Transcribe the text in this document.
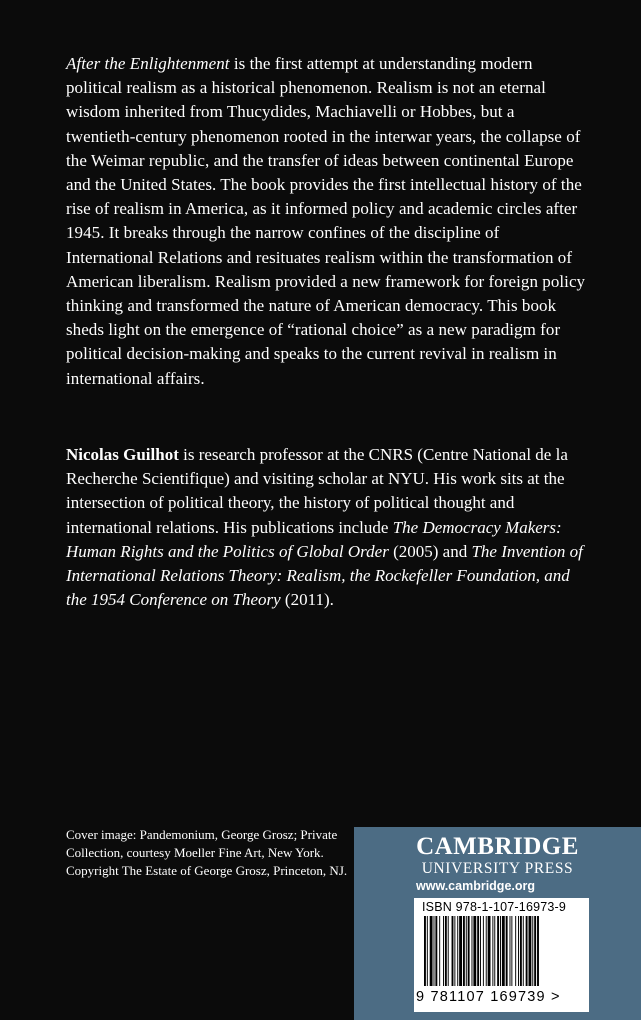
After the Enlightenment is the first attempt at understanding modern political realism as a historical phenomenon. Realism is not an eternal wisdom inherited from Thucydides, Machiavelli or Hobbes, but a twentieth-century phenomenon rooted in the interwar years, the collapse of the Weimar republic, and the transfer of ideas between continental Europe and the United States. The book provides the first intellectual history of the rise of realism in America, as it informed policy and academic circles after 1945. It breaks through the narrow confines of the discipline of International Relations and resituates realism within the transformation of American liberalism. Realism provided a new framework for foreign policy thinking and transformed the nature of American democracy. This book sheds light on the emergence of “rational choice” as a new paradigm for political decision-making and speaks to the current revival in realism in international affairs.

Nicolas Guilhot is research professor at the CNRS (Centre National de la Recherche Scientifique) and visiting scholar at NYU. His work sits at the intersection of political theory, the history of political thought and international relations. His publications include The Democracy Makers: Human Rights and the Politics of Global Order (2005) and The Invention of International Relations Theory: Realism, the Rockefeller Foundation, and the 1954 Conference on Theory (2011).

Cover image: Pandemonium, George Grosz; Private Collection, courtesy Moeller Fine Art, New York. Copyright The Estate of George Grosz, Princeton, NJ.

CAMBRIDGE
UNIVERSITY PRESS
www.cambridge.org
ISBN 978-1-107-16973-9
9 781107 169739 >
